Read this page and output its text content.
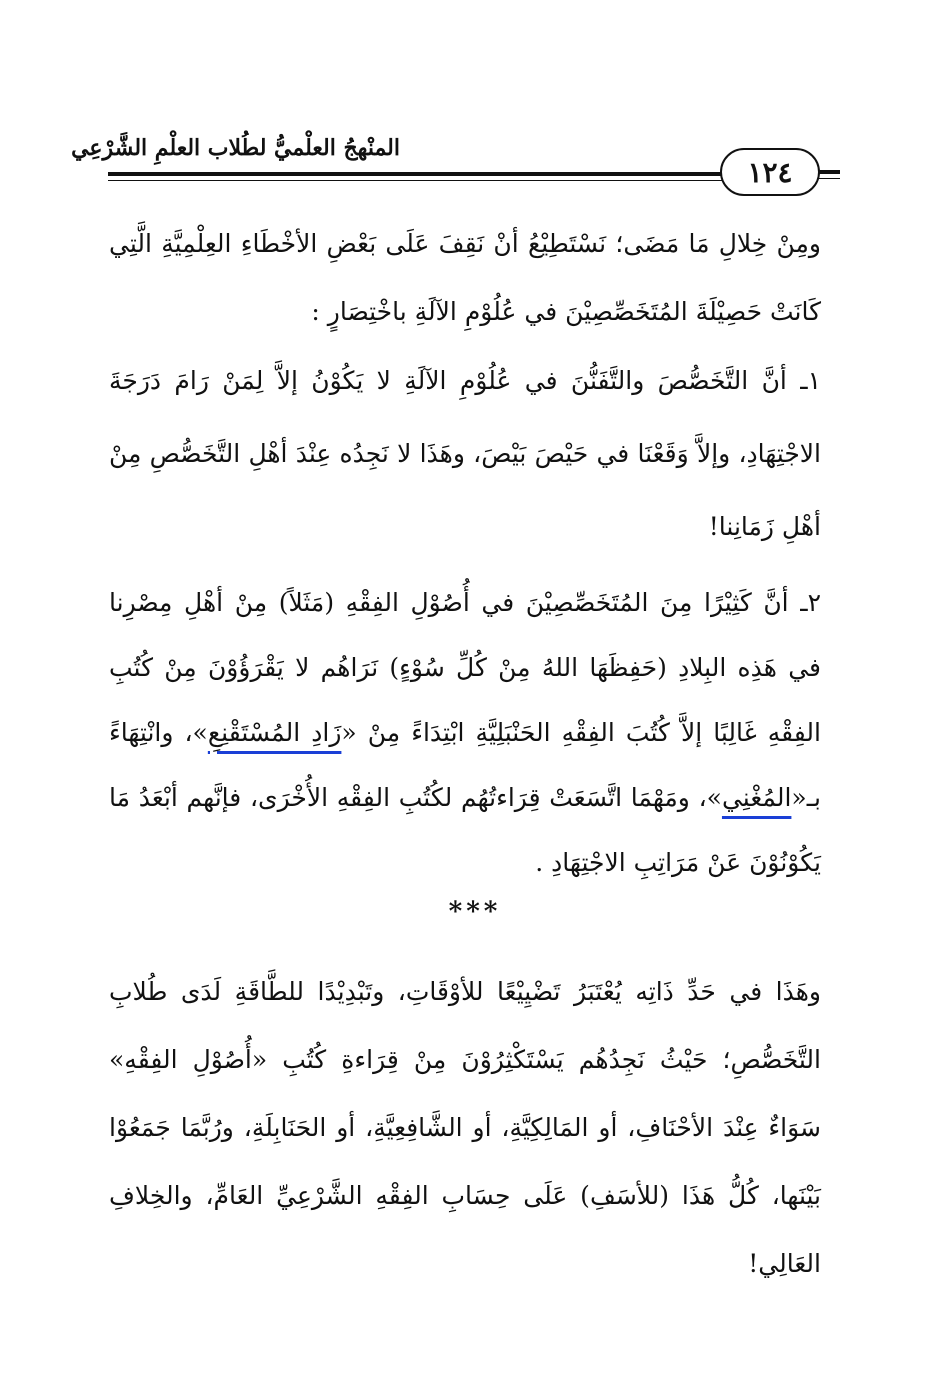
المنْهجُ العلْميُّ لطُلاب العلْمِ الشَّرْعِي
١٢٤

ومِنْ خِلالِ مَا مَضَى؛ نَسْتَطِيْعُ أنْ نَقِفَ عَلَى بَعْضِ الأخْطَاءِ العِلْمِيَّةِ الَّتِي كَانَتْ حَصِيْلَةَ المُتَخَصِّصِيْنَ في عُلُوْمِ الآلَةِ باخْتِصَارٍ :

١ـ أنَّ التَّخَصُّصَ والتَّفَنُّنَ في عُلُوْمِ الآلَةِ لا يَكُوْنُ إلاَّ لِمَنْ رَامَ دَرَجَةَ الاجْتِهَادِ، وإلاَّ وَقَعْنَا في حَيْصَ بَيْصَ، وهَذَا لا نَجِدُه عِنْدَ أهْلِ التَّخَصُّصِ مِنْ أهْلِ زَمَانِنا!

٢ـ أنَّ كَثِيْرًا مِنَ المُتَخَصِّصِيْنَ في أُصُوْلِ الفِقْهِ (مَثَلاً) مِنْ أهْلِ مِصْرِنا في هَذِه البِلادِ (حَفِظَهَا اللهُ مِنْ كُلِّ سُوْءٍ) نَرَاهُم لا يَقْرَؤُوْنَ مِنْ كُتُبِ الفِقْهِ غَالِبًا إلاَّ كُتُبَ الفِقْهِ الحَنْبَلِيَّةِ ابْتِدَاءً مِنْ «زَادِ المُسْتَقْنِعِ»، وانْتِهَاءً بـ«المُغْنِي»، ومَهْمَا اتَّسَعَتْ قِرَاءتُهُم لكُتُبِ الفِقْهِ الأُخْرَى، فإنَّهم أبْعَدُ مَا يَكُوْنُوْنَ عَنْ مَرَاتِبِ الاجْتِهَادِ .

***

وهَذَا في حَدِّ ذَاتِه يُعْتَبَرُ تَضْيِيْعًا للأوْقَاتِ، وتَبْدِيْدًا للطَّاقَةِ لَدَى طُلابِ التَّخَصُّصِ؛ حَيْثُ نَجِدُهُم يَسْتَكْثِرُوْنَ مِنْ قِرَاءةِ كُتُبِ «أُصُوْلِ الفِقْهِ» سَوَاءٌ عِنْدَ الأحْنَافِ، أو المَالِكِيَّةِ، أو الشَّافِعِيَّةِ، أو الحَنَابِلَةِ، ورُبَّمَا جَمَعُوْا بَيْنَها، كُلُّ هَذَا (للأسَفِ) عَلَى حِسَابِ الفِقْهِ الشَّرْعِيِّ العَامِّ، والخِلافِ العَالِي!
